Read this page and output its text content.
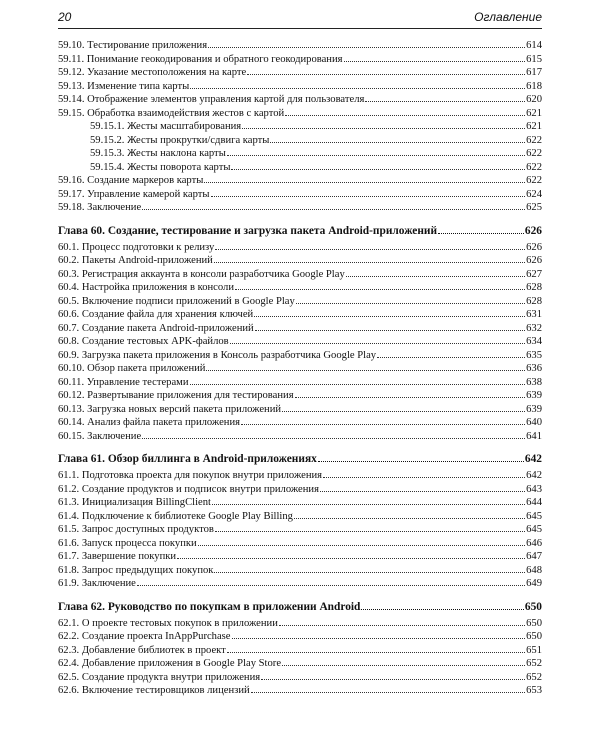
20	Оглавление
59.10. Тестирование приложения	614
59.11. Понимание геокодирования и обратного геокодирования	615
59.12. Указание местоположения на карте	617
59.13. Изменение типа карты	618
59.14. Отображение элементов управления картой для пользователя	620
59.15. Обработка взаимодействия жестов с картой	621
59.15.1. Жесты масштабирования	621
59.15.2. Жесты прокрутки/сдвига карты	622
59.15.3. Жесты наклона карты	622
59.15.4. Жесты поворота карты	622
59.16. Создание маркеров карты	622
59.17. Управление камерой карты	624
59.18. Заключение	625
Глава 60. Создание, тестирование и загрузка пакета Android-приложений	626
60.1. Процесс подготовки к релизу	626
60.2. Пакеты Android-приложений	626
60.3. Регистрация аккаунта в консоли разработчика Google Play	627
60.4. Настройка приложения в консоли	628
60.5. Включение подписи приложений в Google Play	628
60.6. Создание файла для хранения ключей	631
60.7. Создание пакета Android-приложений	632
60.8. Создание тестовых APK-файлов	634
60.9. Загрузка пакета приложения в Консоль разработчика Google Play	635
60.10. Обзор пакета приложений	636
60.11. Управление тестерами	638
60.12. Развертывание приложения для тестирования	639
60.13. Загрузка новых версий пакета приложений	639
60.14. Анализ файла пакета приложения	640
60.15. Заключение	641
Глава 61. Обзор биллинга в Android-приложениях	642
61.1. Подготовка проекта для покупок внутри приложения	642
61.2. Создание продуктов и подписок внутри приложения	643
61.3. Инициализация BillingClient	644
61.4. Подключение к библиотеке Google Play Billing	645
61.5. Запрос доступных продуктов	645
61.6. Запуск процесса покупки	646
61.7. Завершение покупки	647
61.8. Запрос предыдущих покупок	648
61.9. Заключение	649
Глава 62. Руководство по покупкам в приложении Android	650
62.1. О проекте тестовых покупок в приложении	650
62.2. Создание проекта InAppPurchase	650
62.3. Добавление библиотек в проект	651
62.4. Добавление приложения в Google Play Store	652
62.5. Создание продукта внутри приложения	652
62.6. Включение тестировщиков лицензий	653
